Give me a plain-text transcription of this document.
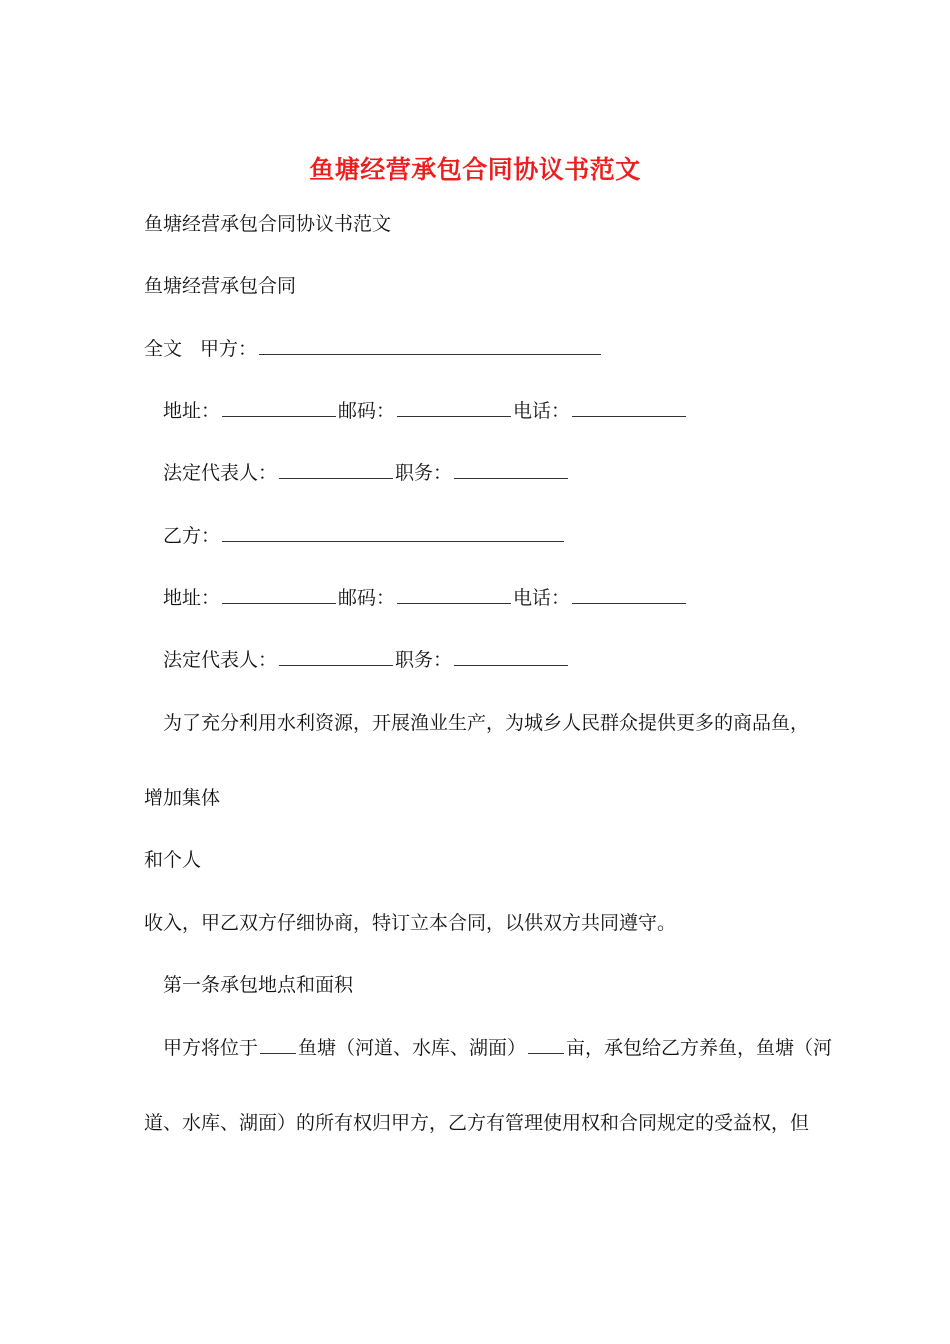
鱼塘经营承包合同协议书范文
鱼塘经营承包合同协议书范文
鱼塘经营承包合同
全文 甲方：
地址：	邮码：	电话：
法定代表人：	职务：
乙方：
地址：	邮码：	电话：
法定代表人：	职务：
为了充分利用水利资源，开展渔业生产，为城乡人民群众提供更多的商品鱼，
增加集体
和个人
收入，甲乙双方仔细协商，特订立本合同，以供双方共同遵守。
第一条承包地点和面积
甲方将位于 鱼塘（河道、水库、湖面） 亩，承包给乙方养鱼，鱼塘（河
道、水库、湖面）的所有权归甲方，乙方有管理使用权和合同规定的受益权，但
